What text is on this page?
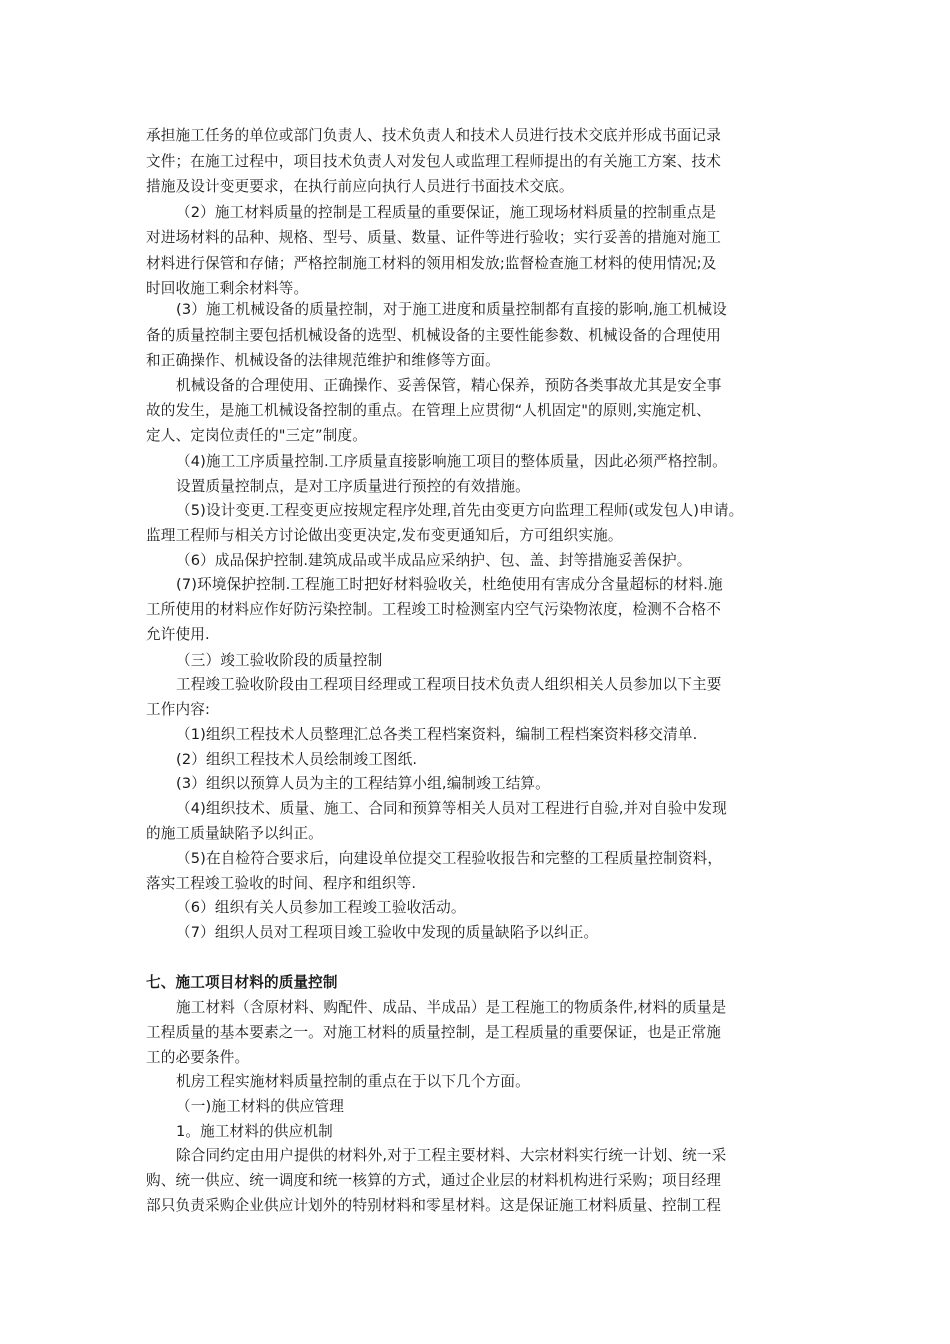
承担施工任务的单位或部门负责人、技术负责人和技术人员进行技术交底并形成书面记录
文件；在施工过程中，项目技术负责人对发包人或监理工程师提出的有关施工方案、技术
措施及设计变更要求，在执行前应向执行人员进行书面技术交底。
（2）施工材料质量的控制是工程质量的重要保证，施工现场材料质量的控制重点是
对进场材料的品种、规格、型号、质量、数量、证件等进行验收；实行妥善的措施对施工
材料进行保管和存储；严格控制施工材料的领用相发放;监督检查施工材料的使用情况;及
时回收施工剩余材料等。
(3）施工机械设备的质量控制，对于施工进度和质量控制都有直接的影响,施工机械设
备的质量控制主要包括机械设备的选型、机械设备的主要性能参数、机械设备的合理使用
和正确操作、机械设备的法律规范维护和维修等方面。
机械设备的合理使用、正确操作、妥善保管，精心保养，预防各类事故尤其是安全事
故的发生，是施工机械设备控制的重点。在管理上应贯彻“人机固定"的原则,实施定机、
定人、定岗位责任的"三定”制度。
（4)施工工序质量控制.工序质量直接影响施工项目的整体质量，因此必须严格控制。
设置质量控制点，是对工序质量进行预控的有效措施。
（5)设计变更.工程变更应按规定程序处理,首先由变更方向监理工程师(或发包人)申请。
监理工程师与相关方讨论做出变更决定,发布变更通知后，方可组织实施。
（6）成品保护控制.建筑成品或半成品应采纳护、包、盖、封等措施妥善保护。
(7)环境保护控制.工程施工时把好材料验收关，杜绝使用有害成分含量超标的材料.施
工所使用的材料应作好防污染控制。工程竣工时检测室内空气污染物浓度，检测不合格不
允许使用.
（三）竣工验收阶段的质量控制
工程竣工验收阶段由工程项目经理或工程项目技术负责人组织相关人员参加以下主要
工作内容:
（1)组织工程技术人员整理汇总各类工程档案资料，编制工程档案资料移交清单.
(2）组织工程技术人员绘制竣工图纸.
(3）组织以预算人员为主的工程结算小组,编制竣工结算。
（4)组织技术、质量、施工、合同和预算等相关人员对工程进行自验,并对自验中发现
的施工质量缺陷予以纠正。
（5)在自检符合要求后，向建设单位提交工程验收报告和完整的工程质量控制资料，
落实工程竣工验收的时间、程序和组织等.
（6）组织有关人员参加工程竣工验收活动。
（7）组织人员对工程项目竣工验收中发现的质量缺陷予以纠正。
七、施工项目材料的质量控制
施工材料（含原材料、购配件、成品、半成品）是工程施工的物质条件,材料的质量是
工程质量的基本要素之一。对施工材料的质量控制，是工程质量的重要保证，也是正常施
工的必要条件。
机房工程实施材料质量控制的重点在于以下几个方面。
（一)施工材料的供应管理
1。施工材料的供应机制
除合同约定由用户提供的材料外,对于工程主要材料、大宗材料实行统一计划、统一采
购、统一供应、统一调度和统一核算的方式，通过企业层的材料机构进行采购；项目经理
部只负责采购企业供应计划外的特别材料和零星材料。这是保证施工材料质量、控制工程
